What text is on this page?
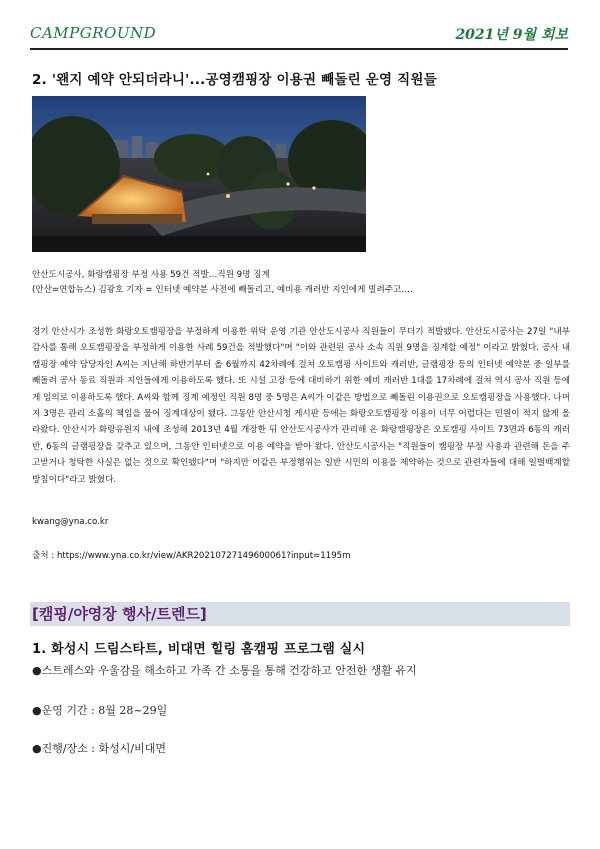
CAMPGROUND	2021년 9월 회보
2. '왠지 예약 안되더라니'...공영캠핑장 이용권 빼돌린 운영 직원들
안산도시공사, 화랑캠핑장 부정 사용 59건 적발…직원 9명 징계
(안산=연합뉴스) 김광호 기자 = 인터넷 예약분 사전에 빼돌리고, 예비용 캐러반 지인에게 빌려주고….
경기 안산시가 조성한 화랑오토캠핑장을 부정하게 이용한 위탁 운영 기관 안산도시공사 직원들이 무더기 적발됐다. 안산도시공사는 27일 "내부 감사를 통해 오토캠핑장을 부정하게 이용한 사례 59건을 적발했다"며 "이와 관련된 공사 소속 직원 9명을 징계할 예정" 이라고 밝혔다. 공사 내 캠핑장 예약 담당자인 A씨는 지난해 하반기부터 올 6월까지 42차례에 걸쳐 오토캠핑 사이트와 캐러반, 글램핑장 등의 인터넷 예약분 중 일부를 빼돌려 공사 동료 직원과 지인들에게 이용하도록 했다. 또 시설 고장 등에 대비하기 위한 예비 캐러반 1대를 17차례에 걸쳐 역시 공사 직원 등에게 임의로 이용하도록 했다. A씨와 함께 징계 예정인 직원 8명 중 5명은 A씨가 이같은 방법으로 빼돌린 이용권으로 오토캠핑장을 사용했다. 나머지 3명은 관리 소홀의 책임을 물어 징계대상이 됐다. 그동안 안산시청 게시판 등에는 화랑오토캠핑장 이용이 너무 어렵다는 민원이 적지 않게 올라왔다. 안산시가 화랑유원지 내에 조성해 2013년 4월 개장한 뒤 안산도시공사가 관리해 온 화랑캠핑장은 오토캠핑 사이트 73면과 6동의 캐러반, 6동의 글램핑장을 갖추고 있으며, 그동안 인터넷으로 이용 예약을 받아 왔다. 안산도시공사는 "직원들이 캠핑장 부정 사용과 관련해 돈을 주고받거나 청탁한 사실은 없는 것으로 확인됐다"며 "하지만 이같은 부정행위는 일반 시민의 이용을 제약하는 것으로 관련자들에 대해 일벌백계할 방침이다"라고 밝혔다.
kwang@yna.co.kr
출처 : https://www.yna.co.kr/view/AKR20210727149600061?input=1195m
[캠핑/야영장 행사/트렌드]
1. 화성시 드림스타트, 비대면 힐링 홈캠핑 프로그램 실시
●스트레스와 우울감을 해소하고 가족 간 소통을 통해 건강하고 안전한 생활 유지
●운영 기간 : 8월 28~29일
●진행/장소 : 화성시/비대면
